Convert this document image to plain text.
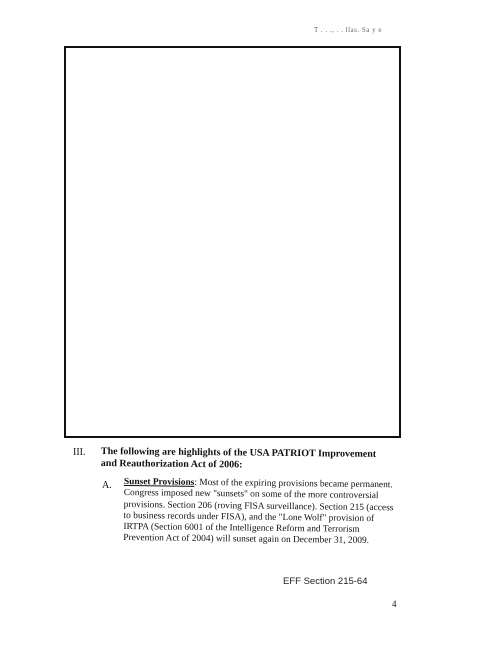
T . . ., . . llas. Sa y e
III. The following are highlights of the USA PATRIOT Improvement and Reauthorization Act of 2006:
A. Sunset Provisions: Most of the expiring provisions became permanent. Congress imposed new "sunsets" on some of the more controversial provisions. Section 206 (roving FISA surveillance). Section 215 (access to business records under FISA), and the "Lone Wolf" provision of IRTPA (Section 6001 of the Intelligence Reform and Terrorism Prevention Act of 2004) will sunset again on December 31, 2009.
EFF Section 215-64
4
